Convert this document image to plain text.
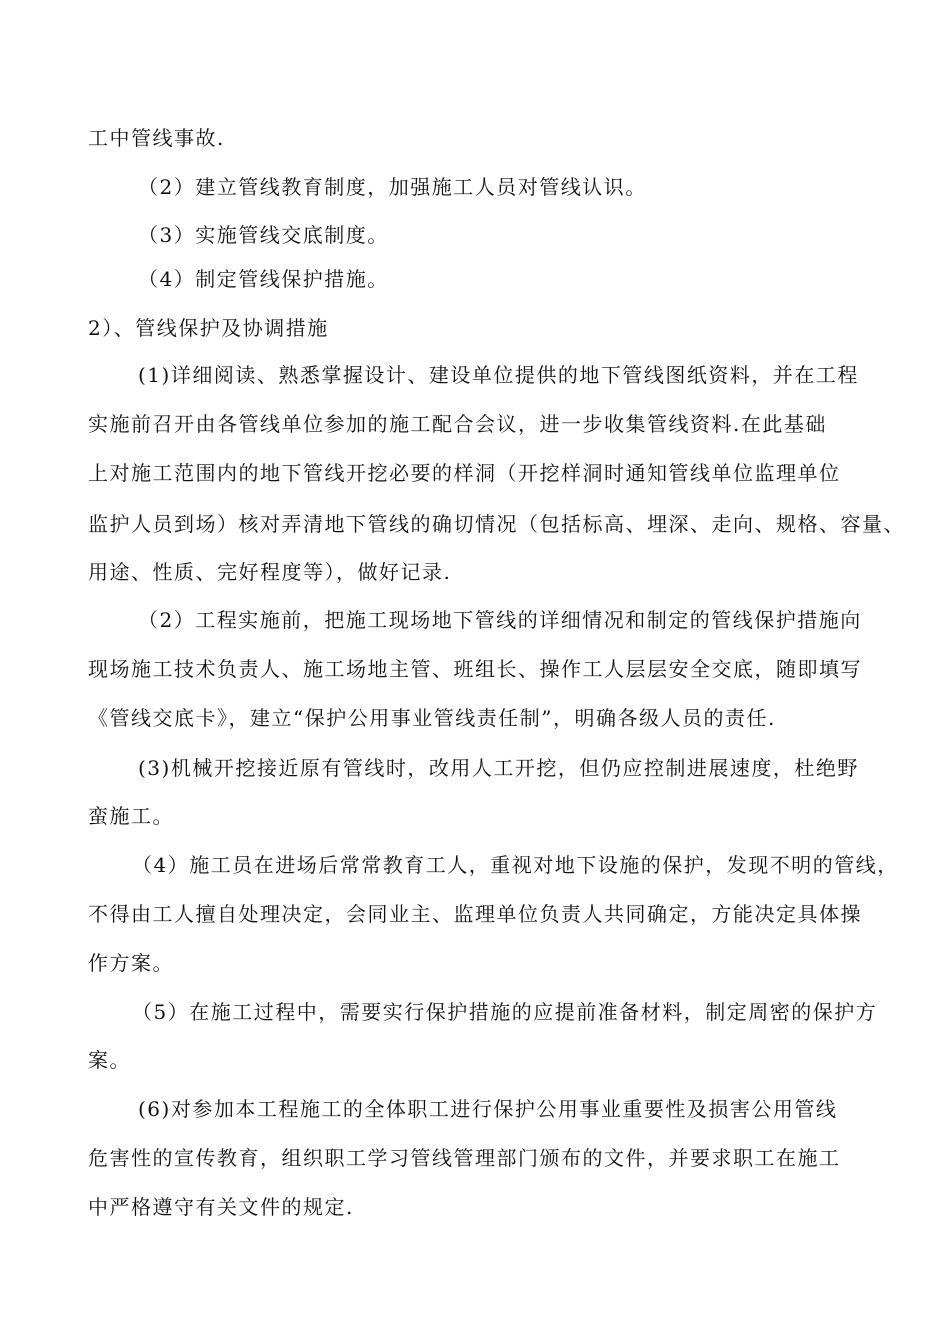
工中管线事故.

（2）建立管线教育制度，加强施工人员对管线认识。

（3）实施管线交底制度。

（4）制定管线保护措施。

2）、管线保护及协调措施

(1)详细阅读、熟悉掌握设计、建设单位提供的地下管线图纸资料，并在工程

实施前召开由各管线单位参加的施工配合会议，进一步收集管线资料.在此基础

上对施工范围内的地下管线开挖必要的样洞（开挖样洞时通知管线单位监理单位

监护人员到场）核对弄清地下管线的确切情况（包括标高、埋深、走向、规格、容量、

用途、性质、完好程度等），做好记录.

（2）工程实施前，把施工现场地下管线的详细情况和制定的管线保护措施向

现场施工技术负责人、施工场地主管、班组长、操作工人层层安全交底，随即填写

《管线交底卡》，建立“保护公用事业管线责任制”，明确各级人员的责任.

(3)机械开挖接近原有管线时，改用人工开挖，但仍应控制进展速度，杜绝野

蛮施工。

（4）施工员在进场后常常教育工人，重视对地下设施的保护，发现不明的管线，

不得由工人擅自处理决定，会同业主、监理单位负责人共同确定，方能决定具体操

作方案。

（5）在施工过程中，需要实行保护措施的应提前准备材料，制定周密的保护方

案。

(6)对参加本工程施工的全体职工进行保护公用事业重要性及损害公用管线

危害性的宣传教育，组织职工学习管线管理部门颁布的文件，并要求职工在施工

中严格遵守有关文件的规定.
